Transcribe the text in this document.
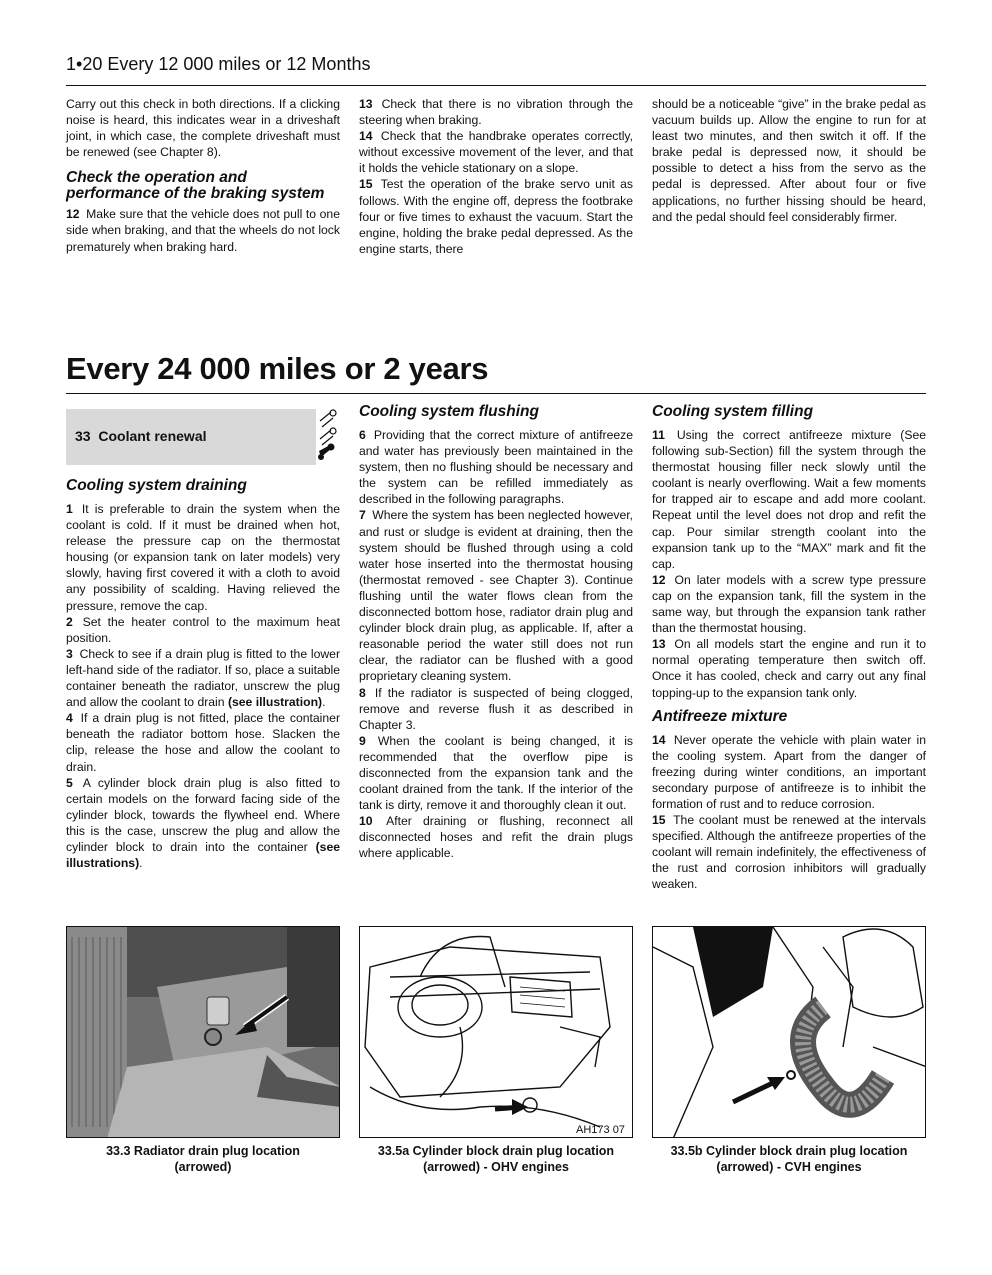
1•20 Every 12 000 miles or 12 Months

Carry out this check in both directions. If a clicking noise is heard, this indicates wear in a driveshaft joint, in which case, the complete driveshaft must be renewed (see Chapter 8).

Check the operation and performance of the braking system

12 Make sure that the vehicle does not pull to one side when braking, and that the wheels do not lock prematurely when braking hard.

13 Check that there is no vibration through the steering when braking.

14 Check that the handbrake operates correctly, without excessive movement of the lever, and that it holds the vehicle stationary on a slope.

15 Test the operation of the brake servo unit as follows. With the engine off, depress the footbrake four or five times to exhaust the vacuum. Start the engine, holding the brake pedal depressed. As the engine starts, there

should be a noticeable “give” in the brake pedal as vacuum builds up. Allow the engine to run for at least two minutes, and then switch it off. If the brake pedal is depressed now, it should be possible to detect a hiss from the servo as the pedal is depressed. After about four or five applications, no further hissing should be heard, and the pedal should feel considerably firmer.

Every 24 000 miles or 2 years
33 Coolant renewal
Cooling system draining

1 It is preferable to drain the system when the coolant is cold. If it must be drained when hot, release the pressure cap on the thermostat housing (or expansion tank on later models) very slowly, having first covered it with a cloth to avoid any possibility of scalding. Having relieved the pressure, remove the cap.

2 Set the heater control to the maximum heat position.

3 Check to see if a drain plug is fitted to the lower left-hand side of the radiator. If so, place a suitable container beneath the radiator, unscrew the plug and allow the coolant to drain (see illustration).

4 If a drain plug is not fitted, place the container beneath the radiator bottom hose. Slacken the clip, release the hose and allow the coolant to drain.

5 A cylinder block drain plug is also fitted to certain models on the forward facing side of the cylinder block, towards the flywheel end. Where this is the case, unscrew the plug and allow the cylinder block to drain into the container (see illustrations).

Cooling system flushing

6 Providing that the correct mixture of antifreeze and water has previously been maintained in the system, then no flushing should be necessary and the system can be refilled immediately as described in the following paragraphs.

7 Where the system has been neglected however, and rust or sludge is evident at draining, then the system should be flushed through using a cold water hose inserted into the thermostat housing (thermostat removed - see Chapter 3). Continue flushing until the water flows clean from the disconnected bottom hose, radiator drain plug and cylinder block drain plug, as applicable. If, after a reasonable period the water still does not run clear, the radiator can be flushed with a good proprietary cleaning system.

8 If the radiator is suspected of being clogged, remove and reverse flush it as described in Chapter 3.

9 When the coolant is being changed, it is recommended that the overflow pipe is disconnected from the expansion tank and the coolant drained from the tank. If the interior of the tank is dirty, remove it and thoroughly clean it out.

10 After draining or flushing, reconnect all disconnected hoses and refit the drain plugs where applicable.

Cooling system filling

11 Using the correct antifreeze mixture (See following sub-Section) fill the system through the thermostat housing filler neck slowly until the coolant is nearly overflowing. Wait a few moments for trapped air to escape and add more coolant. Repeat until the level does not drop and refit the cap. Pour similar strength coolant into the expansion tank up to the “MAX” mark and fit the cap.

12 On later models with a screw type pressure cap on the expansion tank, fill the system in the same way, but through the expansion tank rather than the thermostat housing.

13 On all models start the engine and run it to normal operating temperature then switch off. Once it has cooled, check and carry out any final topping-up to the expansion tank only.

Antifreeze mixture

14 Never operate the vehicle with plain water in the cooling system. Apart from the danger of freezing during winter conditions, an important secondary purpose of antifreeze is to inhibit the formation of rust and to reduce corrosion.

15 The coolant must be renewed at the intervals specified. Although the antifreeze properties of the coolant will remain indefinitely, the effectiveness of the rust and corrosion inhibitors will gradually weaken.

AH173 07
33.3 Radiator drain plug location
(arrowed)
33.5a Cylinder block drain plug location
(arrowed) - OHV engines
33.5b Cylinder block drain plug location
(arrowed) - CVH engines
